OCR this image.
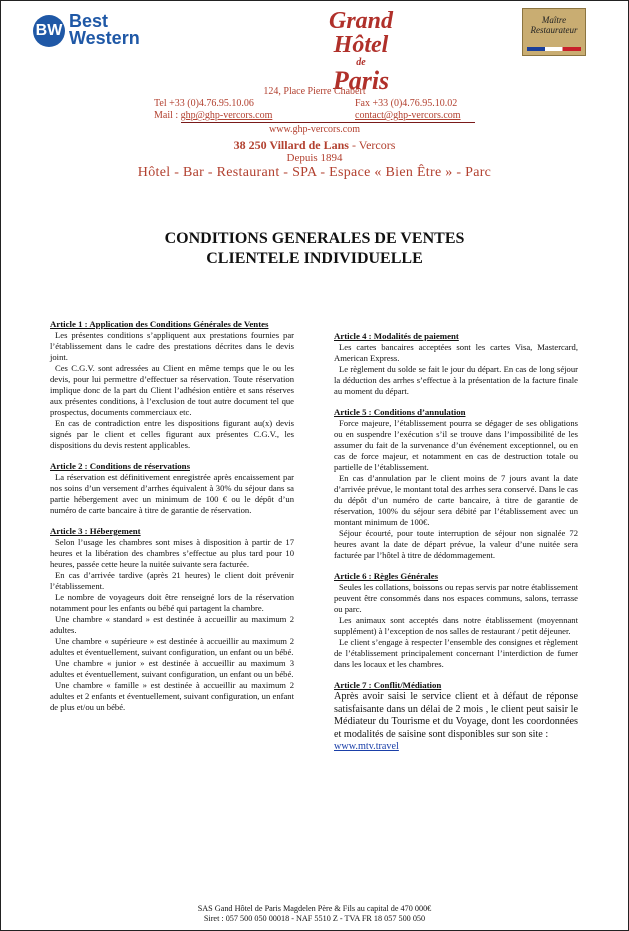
BW Best
Western
Grand Hôtel
de
Paris
Maître Restaurateur
124, Place Pierre Chabert
Tel +33 (0)4.76.95.10.06	Fax +33 (0)4.76.95.10.02
Mail : ghp@ghp-vercors.com	contact@ghp-vercors.com
www.ghp-vercors.com
38 250 Villard de Lans - Vercors
Depuis 1894
Hôtel - Bar - Restaurant - SPA - Espace « Bien Être » - Parc
CONDITIONS GENERALES DE VENTES
CLIENTELE INDIVIDUELLE
Article 1 : Application des Conditions Générales de Ventes

Les présentes conditions s’appliquent aux prestations fournies par l’établissement dans le cadre des prestations décrites dans le devis joint.

Ces C.G.V. sont adressées au Client en même temps que le ou les devis, pour lui permettre d’effectuer sa réservation. Toute réservation implique donc de la part du Client l’adhésion entière et sans réserves aux présentes conditions, à l’exclusion de tout autre document tel que prospectus, documents commerciaux etc.

En cas de contradiction entre les dispositions figurant au(x) devis signés par le client et celles figurant aux présentes C.G.V., les dispositions du devis restent applicables.

Article 2 : Conditions de réservations

La réservation est définitivement enregistrée après encaissement par nos soins d’un versement d’arrhes équivalent à 30% du séjour dans sa partie hébergement avec un minimum de 100 € ou le dépôt d’un numéro de carte bancaire à titre de garantie de réservation.

Article 3 : Hébergement

Selon l’usage les chambres sont mises à disposition à partir de 17 heures et la libération des chambres s’effectue au plus tard pour 10 heures, passée cette heure la nuitée suivante sera facturée.

En cas d’arrivée tardive (après 21 heures) le client doit prévenir l’établissement.

Le nombre de voyageurs doit être renseigné lors de la réservation notamment pour les enfants ou bébé qui partagent la chambre.

Une chambre « standard » est destinée à accueillir au maximum 2 adultes.

Une chambre « supérieure » est destinée à accueillir au maximum 2 adultes et éventuellement, suivant configuration, un enfant ou un bébé.

Une chambre « junior » est destinée à accueillir au maximum 3 adultes et éventuellement, suivant configuration, un enfant ou un bébé.

Une chambre « famille » est destinée à accueillir au maximum 2 adultes et 2 enfants et éventuellement, suivant configuration, un enfant de plus et/ou un bébé.

Article 4 : Modalités de paiement

Les cartes bancaires acceptées sont les cartes Visa, Mastercard, American Express.

Le règlement du solde se fait le jour du départ. En cas de long séjour la déduction des arrhes s’effectue à la présentation de la facture finale au moment du départ.

Article 5 : Conditions d’annulation

Force majeure, l’établissement pourra se dégager de ses obligations ou en suspendre l’exécution s’il se trouve dans l’impossibilité de les assumer du fait de la survenance d’un événement exceptionnel, ou en cas de force majeur, et notamment en cas de destruction totale ou partielle de l’établissement.

En cas d’annulation par le client moins de 7 jours avant la date d’arrivée prévue, le montant total des arrhes sera conservé. Dans le cas du dépôt d’un numéro de carte bancaire, à titre de garantie de réservation, 100% du séjour sera débité par l’établissement avec un montant minimum de 100€.

Séjour écourté, pour toute interruption de séjour non signalée 72 heures avant la date de départ prévue, la valeur d’une nuitée sera facturée par l’hôtel à titre de dédommagement.

Article 6 : Règles Générales

Seules les collations, boissons ou repas servis par notre établissement peuvent être consommés dans nos espaces communs, salons, terrasse ou parc.

Les animaux sont acceptés dans notre établissement (moyennant supplément) à l’exception de nos salles de restaurant / petit déjeuner.

Le client s’engage à respecter l’ensemble des consignes et règlement de l’établissement principalement concernant l’interdiction de fumer dans les locaux et les chambres.

Article 7 : Conflit/Médiation

Après avoir saisi le service client et à défaut de réponse satisfaisante dans un délai de 2 mois , le client peut saisir le Médiateur du Tourisme et du Voyage, dont les coordonnées et modalités de saisine sont disponibles sur son site :

www.mtv.travel

SAS Gand Hôtel de Paris Magdelen Père & Fils au capital de 470 000€
Siret : 057 500 050 00018 - NAF 5510 Z - TVA FR 18 057 500 050
